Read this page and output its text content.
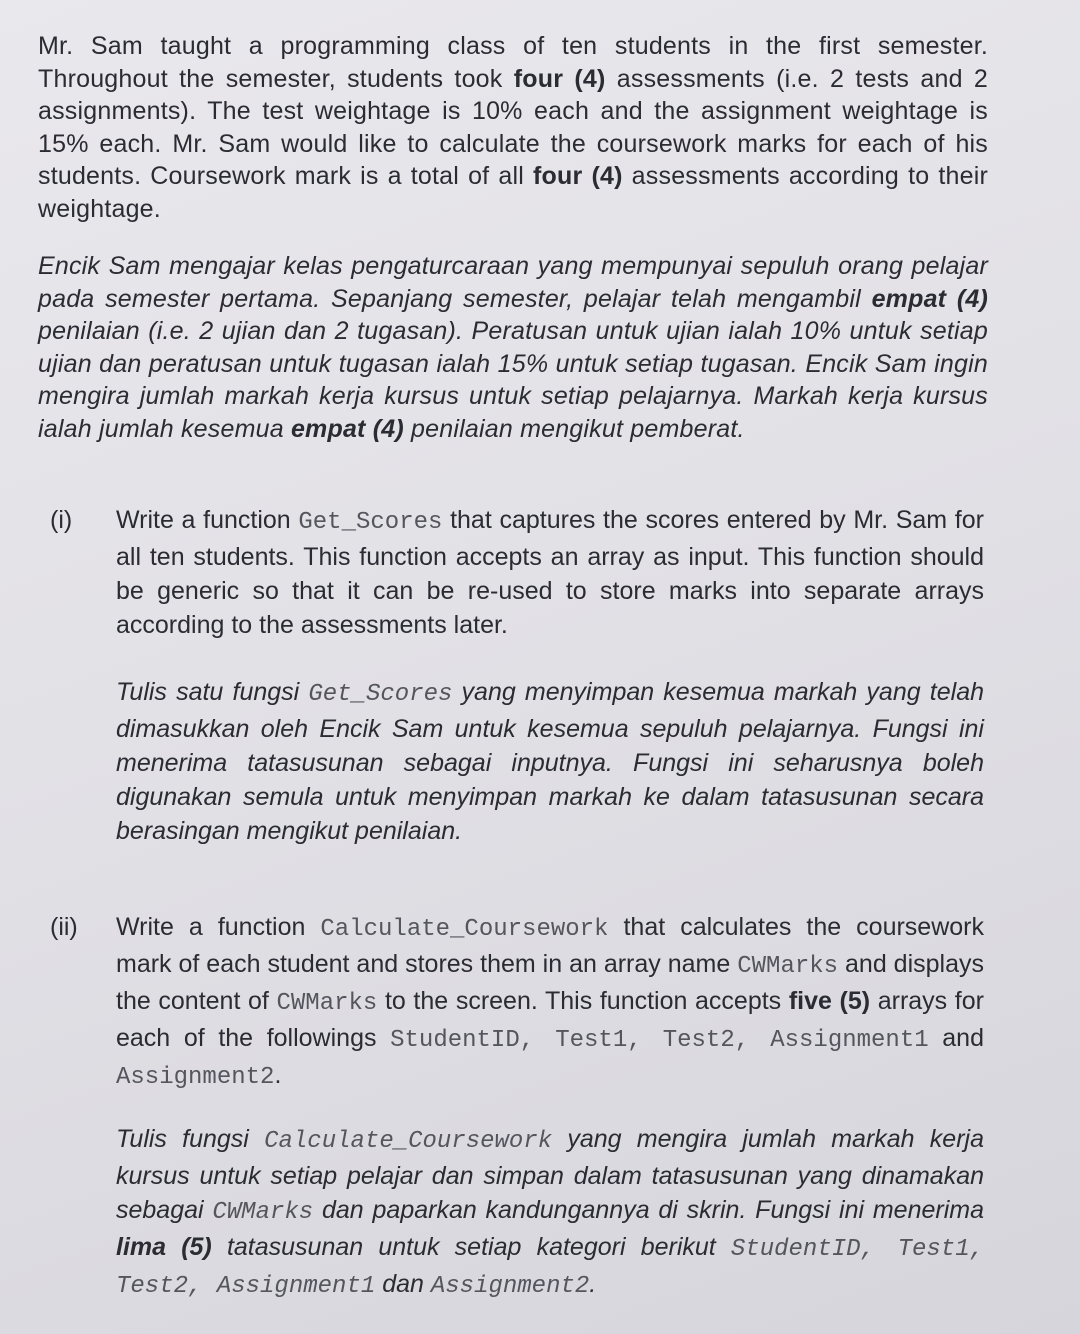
Mr. Sam taught a programming class of ten students in the first semester. Throughout the semester, students took four (4) assessments (i.e. 2 tests and 2 assignments). The test weightage is 10% each and the assignment weightage is 15% each. Mr. Sam would like to calculate the coursework marks for each of his students. Coursework mark is a total of all four (4) assessments according to their weightage.

Encik Sam mengajar kelas pengaturcaraan yang mempunyai sepuluh orang pelajar pada semester pertama. Sepanjang semester, pelajar telah mengambil empat (4) penilaian (i.e. 2 ujian dan 2 tugasan). Peratusan untuk ujian ialah 10% untuk setiap ujian dan peratusan untuk tugasan ialah 15% untuk setiap tugasan. Encik Sam ingin mengira jumlah markah kerja kursus untuk setiap pelajarnya. Markah kerja kursus ialah jumlah kesemua empat (4) penilaian mengikut pemberat.

(i) Write a function Get_Scores that captures the scores entered by Mr. Sam for all ten students. This function accepts an array as input. This function should be generic so that it can be re-used to store marks into separate arrays according to the assessments later.

Tulis satu fungsi Get_Scores yang menyimpan kesemua markah yang telah dimasukkan oleh Encik Sam untuk kesemua sepuluh pelajarnya. Fungsi ini menerima tatasusunan sebagai inputnya. Fungsi ini seharusnya boleh digunakan semula untuk menyimpan markah ke dalam tatasusunan secara berasingan mengikut penilaian.

(ii) Write a function Calculate_Coursework that calculates the coursework mark of each student and stores them in an array name CWMarks and displays the content of CWMarks to the screen. This function accepts five (5) arrays for each of the followings StudentID, Test1, Test2, Assignment1 and Assignment2.

Tulis fungsi Calculate_Coursework yang mengira jumlah markah kerja kursus untuk setiap pelajar dan simpan dalam tatasusunan yang dinamakan sebagai CWMarks dan paparkan kandungannya di skrin. Fungsi ini menerima lima (5) tatasusunan untuk setiap kategori berikut StudentID, Test1, Test2, Assignment1 dan Assignment2.
